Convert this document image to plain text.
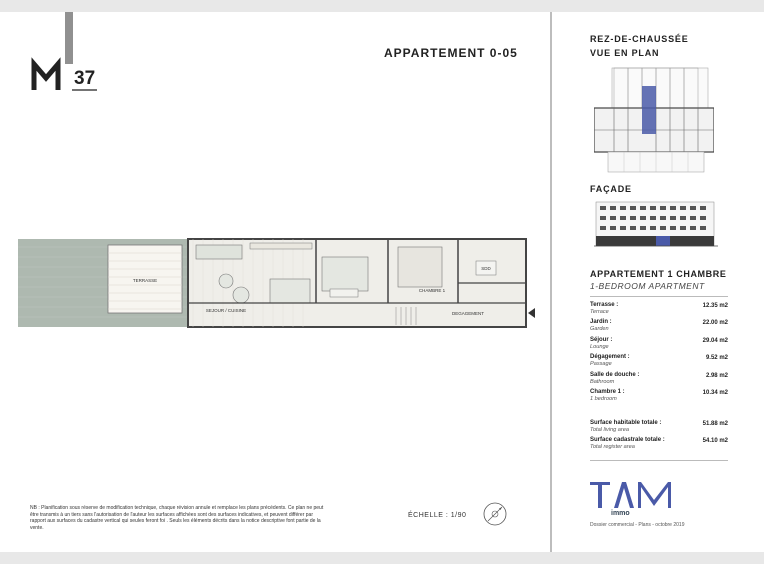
37
APPARTEMENT 0-05
TERRASSE
SEJOUR / CUISINE
CHAMBRE 1
SDD
DEGAGEMENT
NB : Planification sous réserve de modification technique, chaque révision annule et remplace les plans précédents. Ce plan ne peut être transmis à un tiers sans l'autorisation de l'auteur les surfaces affichées sont des surfaces indicatives, et peuvent différer par rapport aux surfaces du cadastre vertical qui seules feront foi . Seuls les éléments décrits dans la notice descriptive font partie de la vente.
ÉCHELLE : 1/90
REZ-DE-CHAUSSÉE
VUE EN PLAN
FAÇADE
APPARTEMENT 1 CHAMBRE
1-BEDROOM APARTMENT
Terrasse :
Terrace
12.35 m2
Jardin :
Garden
22.00 m2
Séjour :
Lounge
29.04 m2
Dégagement :
Passage
9.52 m2
Salle de douche :
Bathroom
2.98 m2
Chambre 1 :
1 bedroom
10.34 m2
Surface habitable totale :
Total living area
51.88 m2
Surface cadastrale totale :
Total register area
54.10 m2
TAM
immo
Dossier commercial - Plans - octobre 2019
